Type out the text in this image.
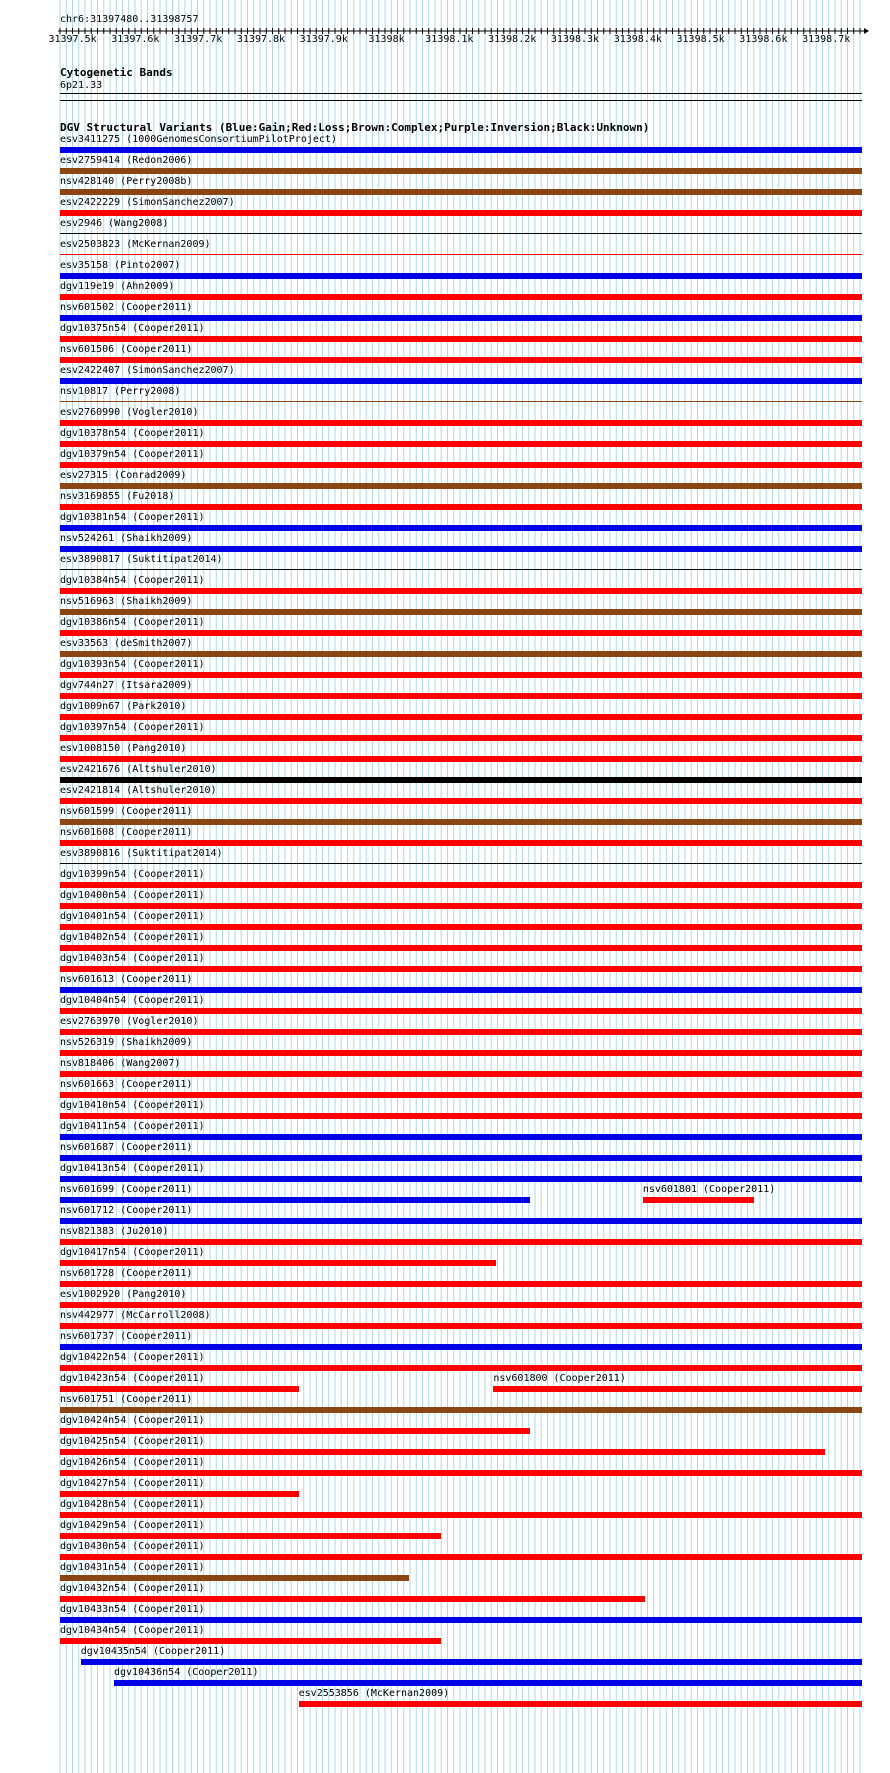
chr6:31397480..31398757
31397.5k 31397.6k 31397.7k 31397.8k 31397.9k 31398k 31398.1k 31398.2k 31398.3k 31398.4k 31398.5k 31398.6k 31398.7k
Cytogenetic Bands
6p21.33
DGV Structural Variants (Blue:Gain;Red:Loss;Brown:Complex;Purple:Inversion;Black:Unknown)
esv3411275 (1000GenomesConsortiumPilotProject)
esv2759414 (Redon2006)
nsv428140 (Perry2008b)
esv2422229 (SimonSanchez2007)
esv2946 (Wang2008)
esv2503823 (McKernan2009)
esv35158 (Pinto2007)
dgv119e19 (Ahn2009)
nsv601502 (Cooper2011)
dgv10375n54 (Cooper2011)
nsv601506 (Cooper2011)
esv2422407 (SimonSanchez2007)
nsv10817 (Perry2008)
esv2760990 (Vogler2010)
dgv10378n54 (Cooper2011)
dgv10379n54 (Cooper2011)
esv27315 (Conrad2009)
nsv3169855 (Fu2018)
dgv10381n54 (Cooper2011)
nsv524261 (Shaikh2009)
esv3890817 (Suktitipat2014)
dgv10384n54 (Cooper2011)
nsv516963 (Shaikh2009)
dgv10386n54 (Cooper2011)
esv33563 (deSmith2007)
dgv10393n54 (Cooper2011)
dgv744n27 (Itsara2009)
dgv1009n67 (Park2010)
dgv10397n54 (Cooper2011)
esv1008150 (Pang2010)
esv2421676 (Altshuler2010)
esv2421814 (Altshuler2010)
nsv601599 (Cooper2011)
nsv601608 (Cooper2011)
esv3890816 (Suktitipat2014)
dgv10399n54 (Cooper2011)
dgv10400n54 (Cooper2011)
dgv10401n54 (Cooper2011)
dgv10402n54 (Cooper2011)
dgv10403n54 (Cooper2011)
nsv601613 (Cooper2011)
dgv10404n54 (Cooper2011)
esv2763970 (Vogler2010)
nsv526319 (Shaikh2009)
nsv818406 (Wang2007)
nsv601663 (Cooper2011)
dgv10410n54 (Cooper2011)
dgv10411n54 (Cooper2011)
nsv601687 (Cooper2011)
dgv10413n54 (Cooper2011)
nsv601699 (Cooper2011)	nsv601801 (Cooper2011)
nsv601712 (Cooper2011)
nsv821383 (Ju2010)
dgv10417n54 (Cooper2011)
nsv601728 (Cooper2011)
esv1002920 (Pang2010)
nsv442977 (McCarroll2008)
nsv601737 (Cooper2011)
dgv10422n54 (Cooper2011)
dgv10423n54 (Cooper2011)	nsv601800 (Cooper2011)
nsv601751 (Cooper2011)
dgv10424n54 (Cooper2011)
dgv10425n54 (Cooper2011)
dgv10426n54 (Cooper2011)
dgv10427n54 (Cooper2011)
dgv10428n54 (Cooper2011)
dgv10429n54 (Cooper2011)
dgv10430n54 (Cooper2011)
dgv10431n54 (Cooper2011)
dgv10432n54 (Cooper2011)
dgv10433n54 (Cooper2011)
dgv10434n54 (Cooper2011)
dgv10435n54 (Cooper2011)
dgv10436n54 (Cooper2011)
esv2553856 (McKernan2009)
